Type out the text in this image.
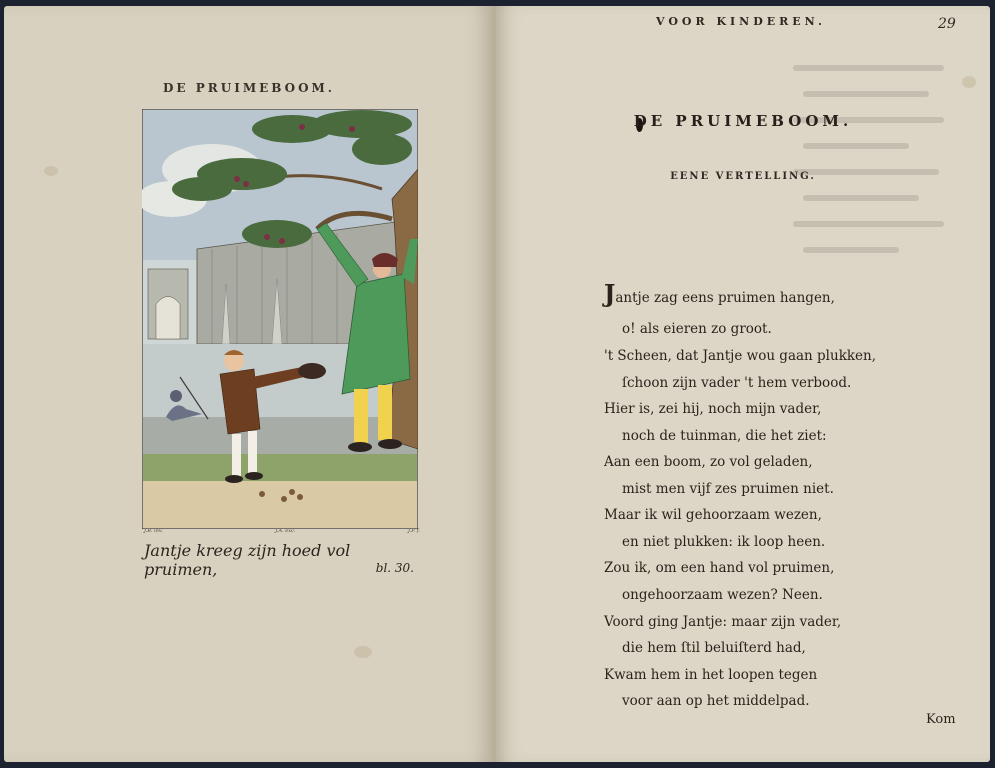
DE PRUIMEBOOM.
J.B. inv.	J.A. exc.	J.P. f.
Jantje kreeg zijn hoed vol pruimen,	bl. 30.
VOOR KINDEREN.	29
DE PRUIMEBOOM.
EENE VERTELLING.
Jantje zag eens pruimen hangen,
o! als eieren zo groot.
't Scheen, dat Jantje wou gaan plukken,
ſchoon zijn vader 't hem verbood.
Hier is, zei hij, noch mijn vader,
noch de tuinman, die het ziet:
Aan een boom, zo vol geladen,
mist men vijf zes pruimen niet.
Maar ik wil gehoorzaam wezen,
en niet plukken: ik loop heen.
Zou ik, om een hand vol pruimen,
ongehoorzaam wezen? Neen.
Voord ging Jantje: maar zijn vader,
die hem ſtil beluiſterd had,
Kwam hem in het loopen tegen
voor aan op het middelpad.
Kom
